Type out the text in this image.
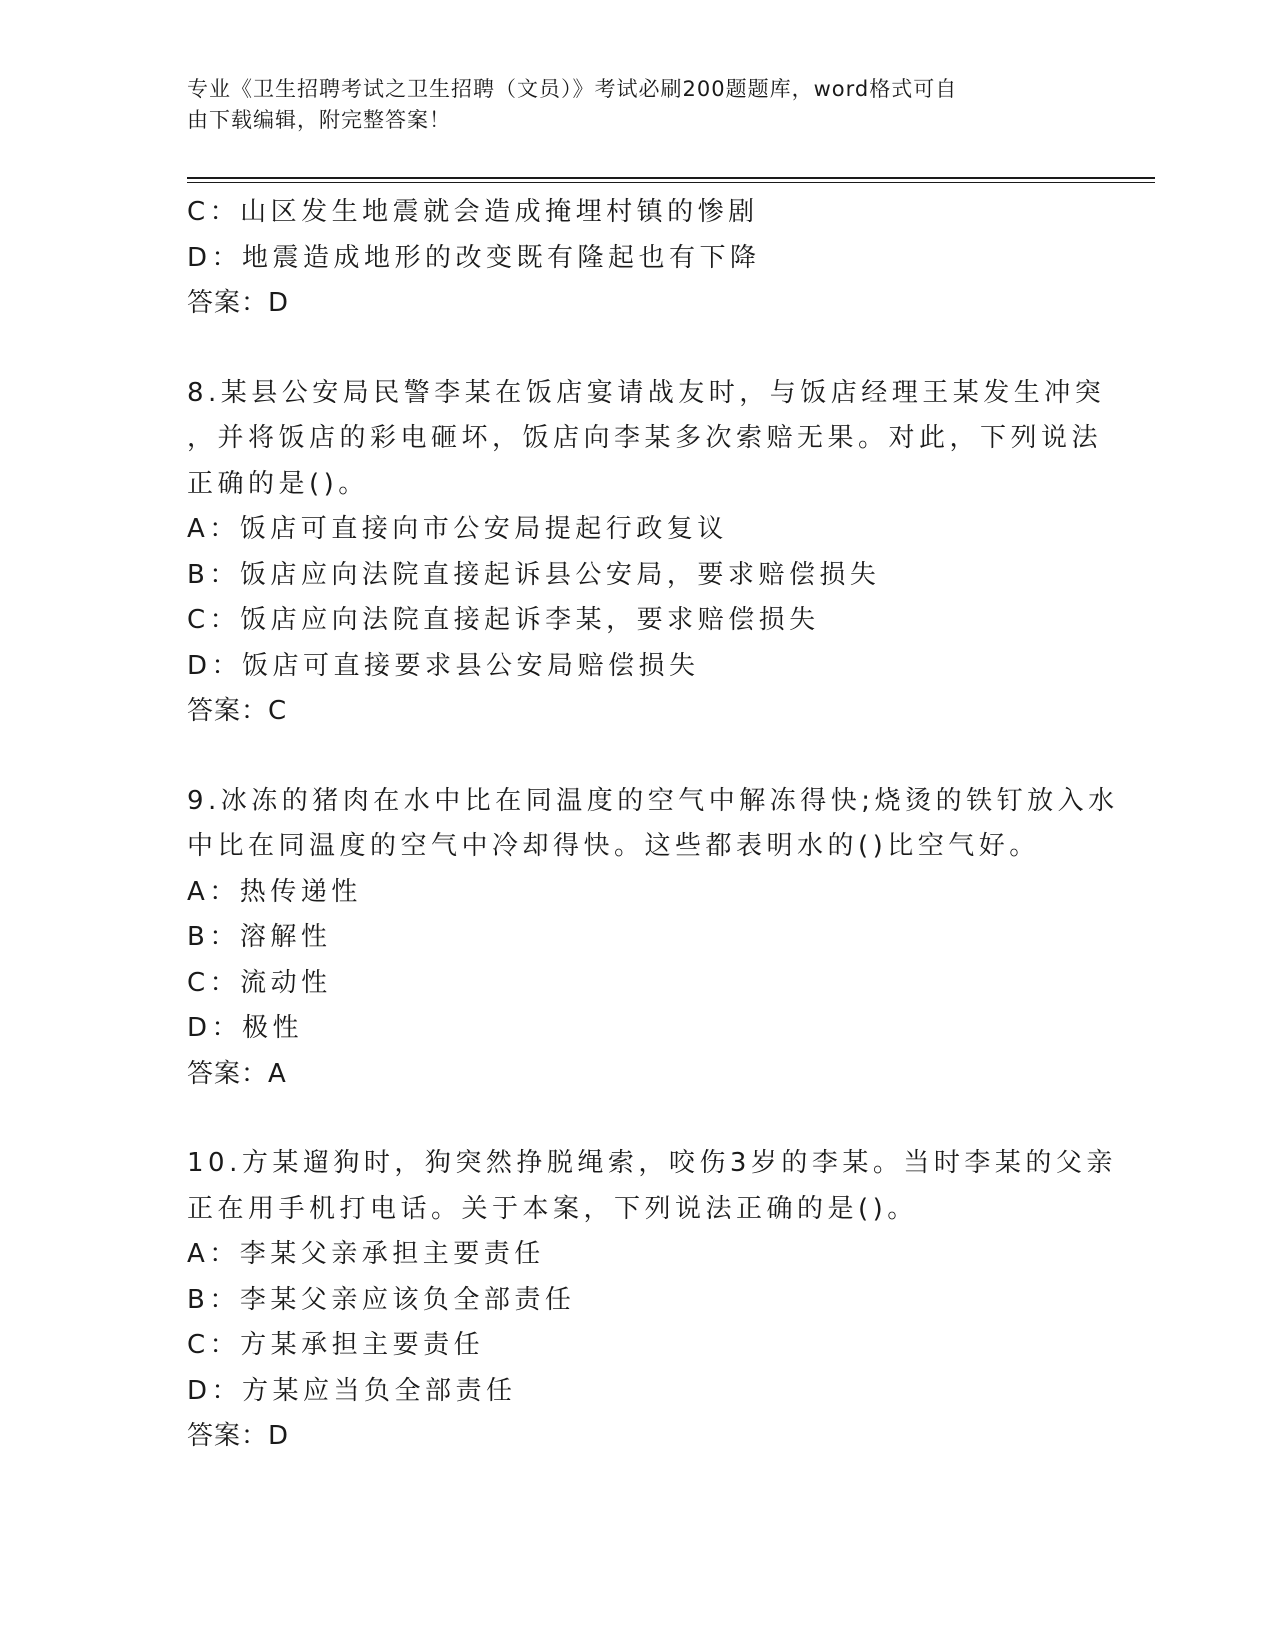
专业《卫生招聘考试之卫生招聘（文员）》考试必刷200题题库，word格式可自
由下载编辑，附完整答案！

C：山区发生地震就会造成掩埋村镇的惨剧

D：地震造成地形的改变既有隆起也有下降

答案：D

8.某县公安局民警李某在饭店宴请战友时，与饭店经理王某发生冲突

，并将饭店的彩电砸坏，饭店向李某多次索赔无果。对此，下列说法

正确的是()。

A：饭店可直接向市公安局提起行政复议

B：饭店应向法院直接起诉县公安局，要求赔偿损失

C：饭店应向法院直接起诉李某，要求赔偿损失

D：饭店可直接要求县公安局赔偿损失

答案：C

9.冰冻的猪肉在水中比在同温度的空气中解冻得快;烧烫的铁钉放入水

中比在同温度的空气中冷却得快。这些都表明水的()比空气好。

A：热传递性

B：溶解性

C：流动性

D：极性

答案：A

10.方某遛狗时，狗突然挣脱绳索，咬伤3岁的李某。当时李某的父亲

正在用手机打电话。关于本案，下列说法正确的是()。

A：李某父亲承担主要责任

B：李某父亲应该负全部责任

C：方某承担主要责任

D：方某应当负全部责任

答案：D
